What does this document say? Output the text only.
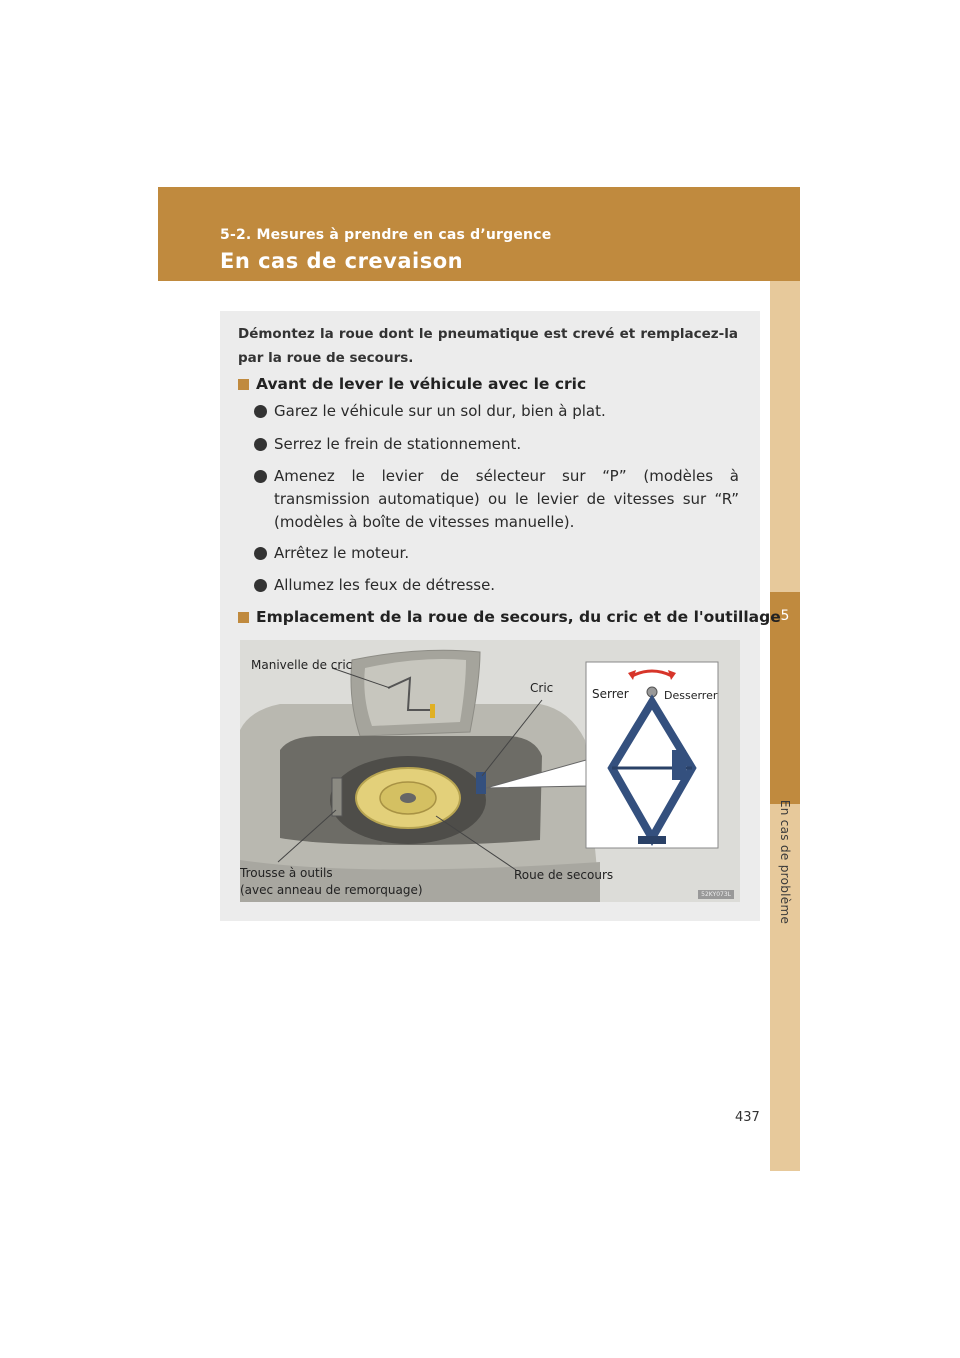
5-2. Mesures à prendre en cas d’urgence
En cas de crevaison
5
En cas de problème
Démontez la roue dont le pneumatique est crevé et remplacez-la par la roue de secours.
Avant de lever le véhicule avec le cric
Garez le véhicule sur un sol dur, bien à plat.
Serrez le frein de stationnement.
Amenez le levier de sélecteur sur “P” (modèles à transmission automatique) ou le levier de vitesses sur “R” (modèles à boîte de vitesses manuelle).
Arrêtez le moteur.
Allumez les feux de détresse.
Emplacement de la roue de secours, du cric et de l'outillage
Manivelle de cric
Cric	Serrer	Desserrer
Trousse à outils
(avec anneau de remorquage)
Roue de secours
52KY073L
437
